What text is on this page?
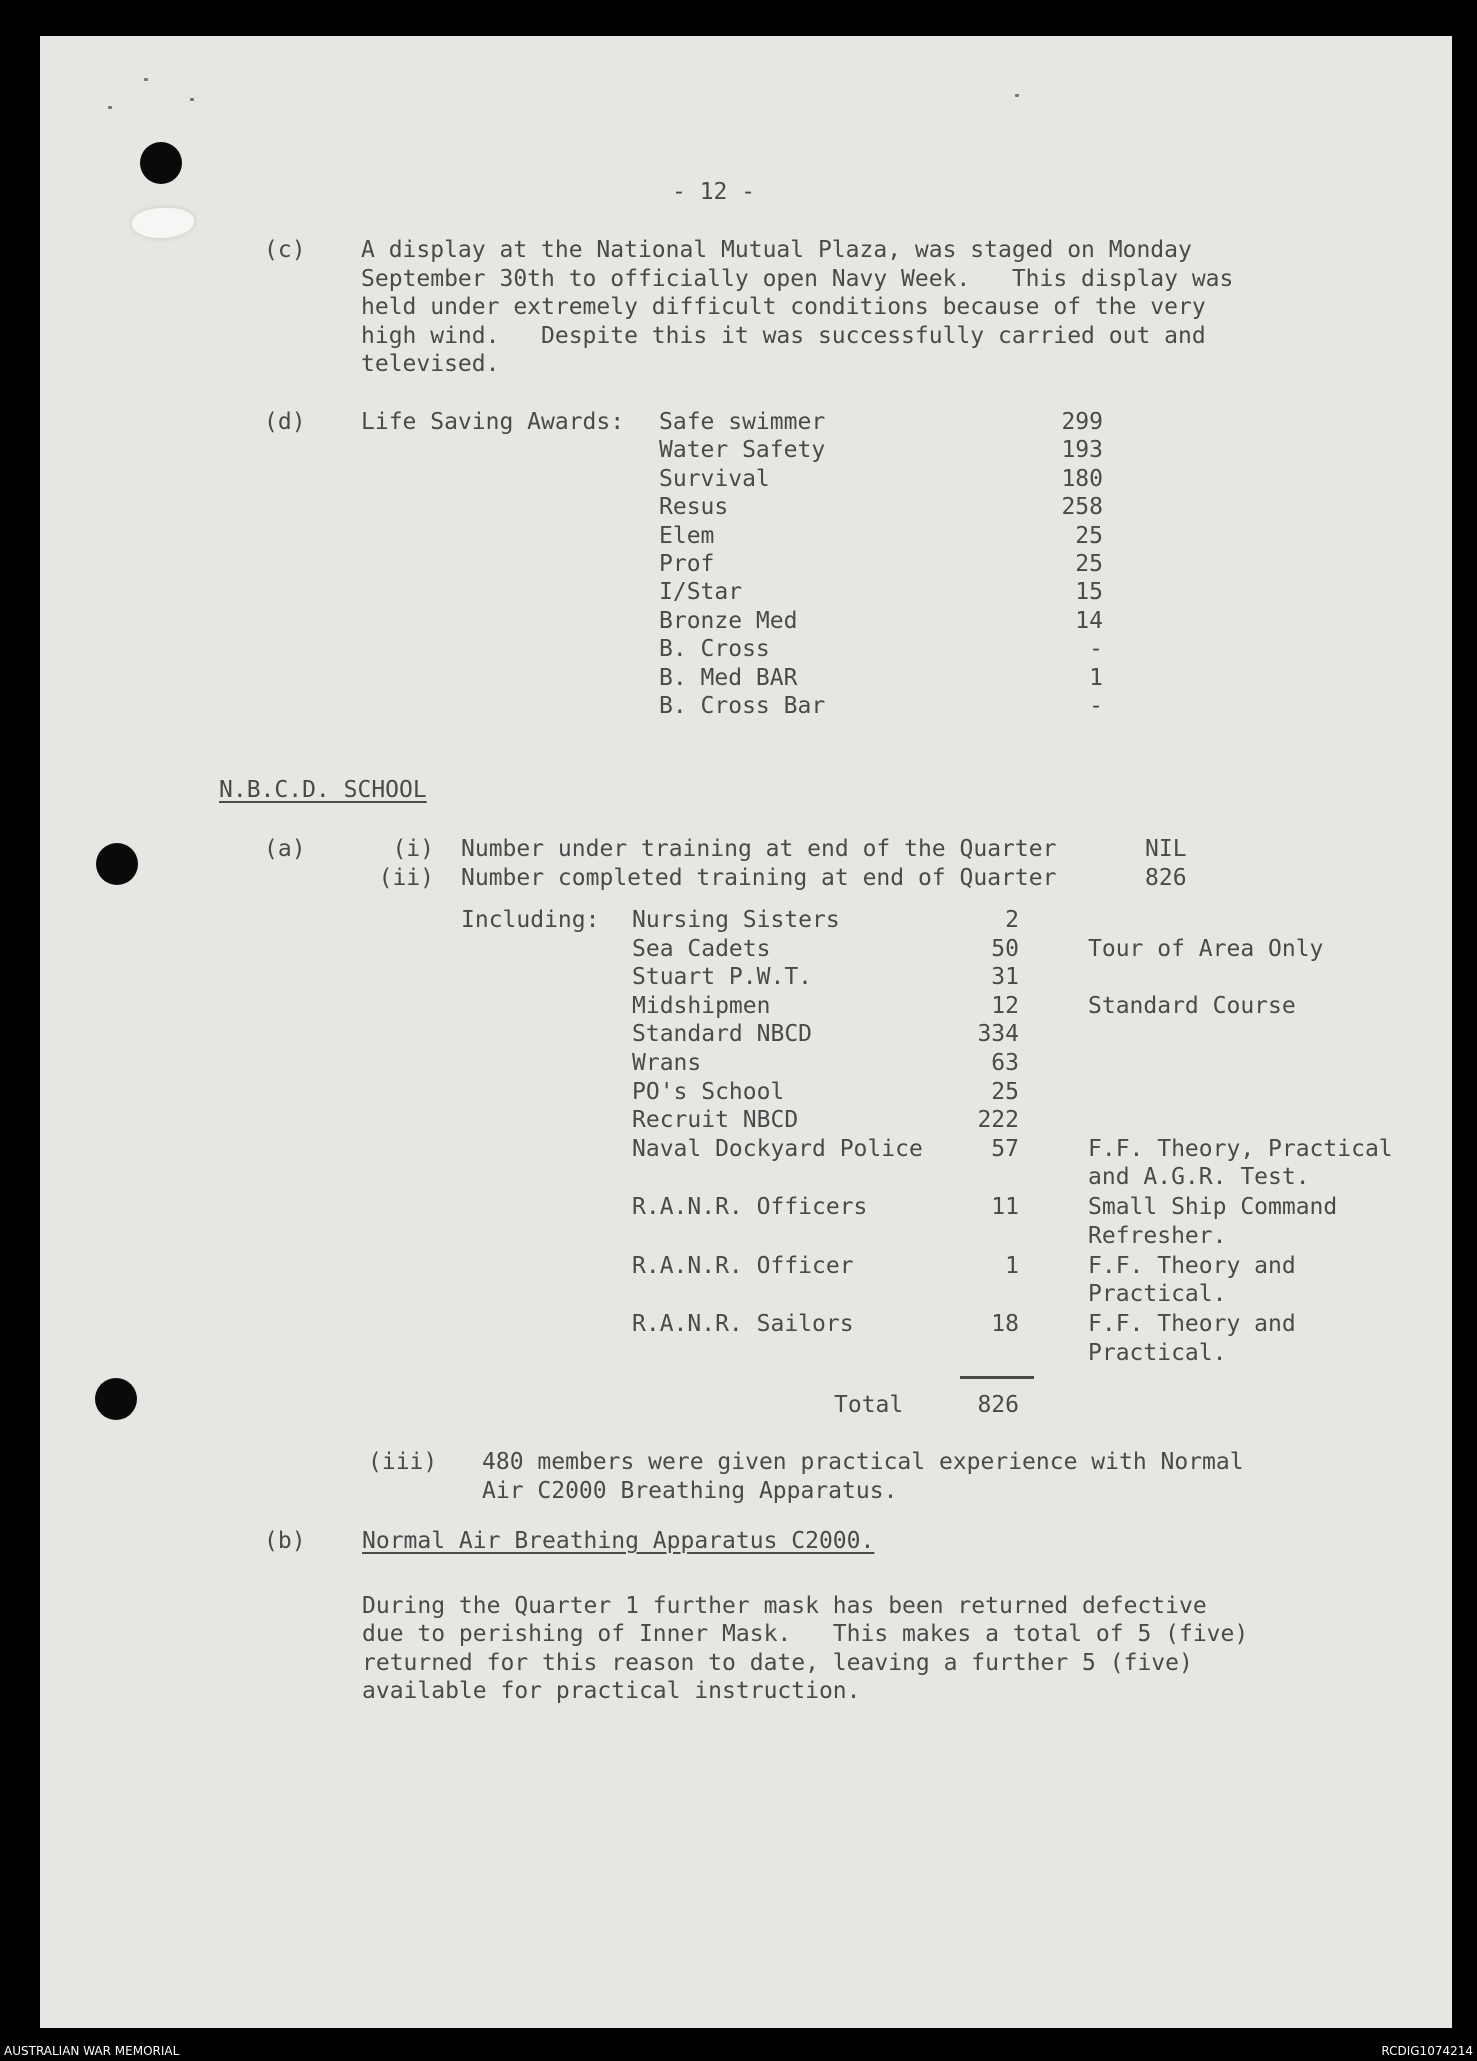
- 12 -
(c) A display at the National Mutual Plaza, was staged on Monday
September 30th to officially open Navy Week.   This display was
held under extremely difficult conditions because of the very
high wind.   Despite this it was successfully carried out and
televised.
(d) Life Saving Awards: Safe swimmer	299
Water Safety	193
Survival	180
Resus	258
Elem	25
Prof	25
I/Star	15
Bronze Med	14
B. Cross	-
B. Med BAR	1
B. Cross Bar	-
N.B.C.D. SCHOOL
(a)	(i) Number under training at end of the Quarter	NIL
(ii) Number completed training at end of Quarter	826
Including: Nursing Sisters	2
Sea Cadets	50	Tour of Area Only
Stuart P.W.T.	31
Midshipmen	12	Standard Course
Standard NBCD	334
Wrans	63
PO's School	25
Recruit NBCD	222
Naval Dockyard Police	57	F.F. Theory, Practical
and A.G.R. Test.
R.A.N.R. Officers	11	Small Ship Command
Refresher.
R.A.N.R. Officer	1	F.F. Theory and
Practical.
R.A.N.R. Sailors	18	F.F. Theory and
Practical.
Total	826
(iii) 480 members were given practical experience with Normal
Air C2000 Breathing Apparatus.
(b) Normal Air Breathing Apparatus C2000.
During the Quarter 1 further mask has been returned defective
due to perishing of Inner Mask.   This makes a total of 5 (five)
returned for this reason to date, leaving a further 5 (five)
available for practical instruction.
AUSTRALIAN WAR MEMORIAL	RCDIG1074214
